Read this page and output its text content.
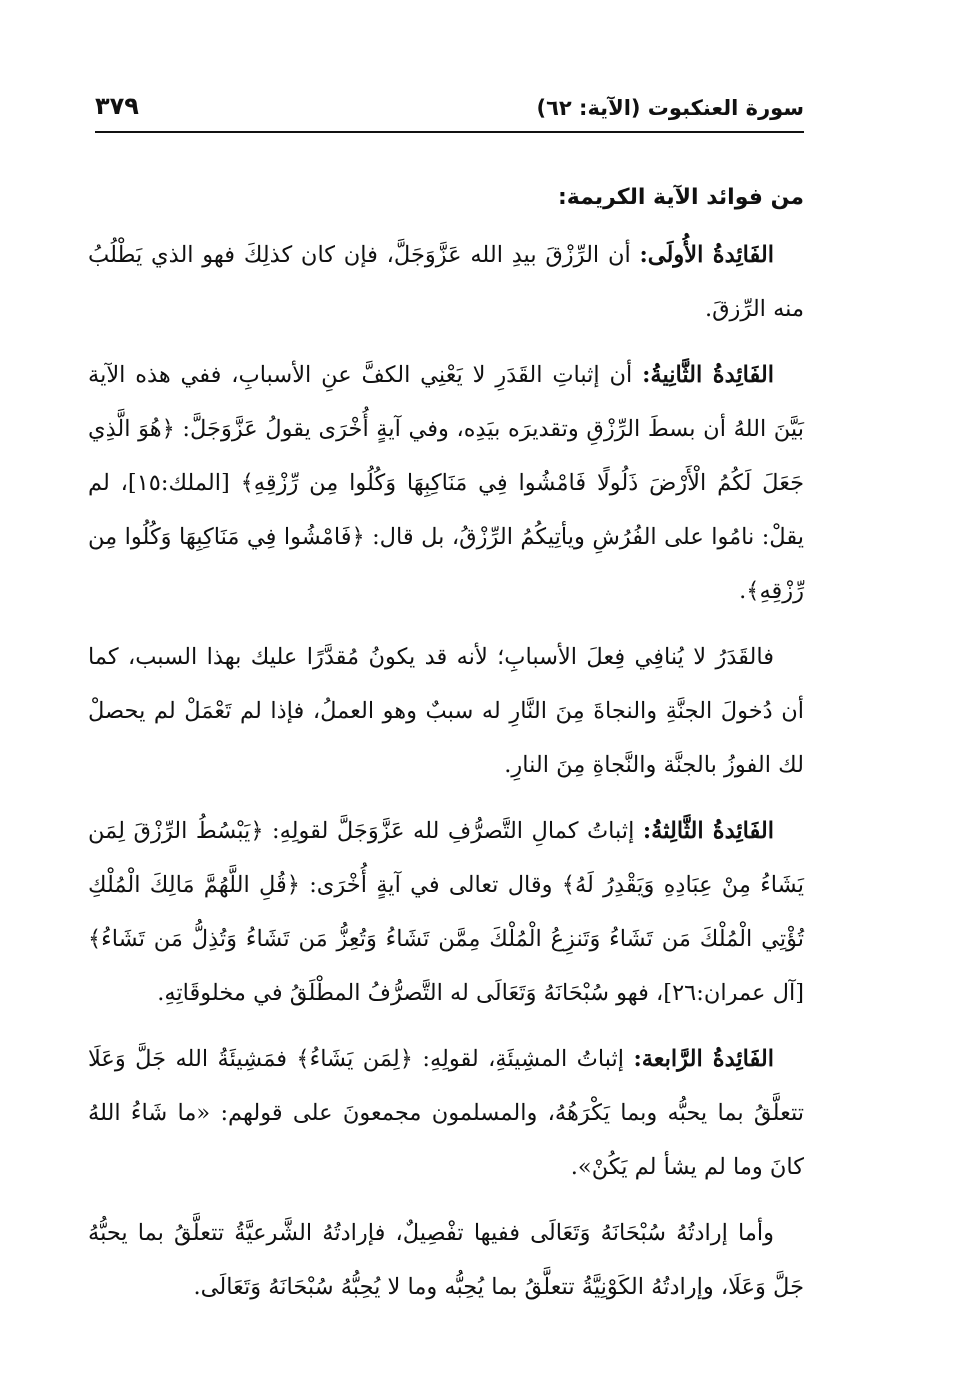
سورة العنكبوت (الآية: ٦٢)
٣٧٩
من فوائد الآية الكريمة:

الفَائِدةُ الأُولَى: أن الرِّزْقَ بيدِ الله عَزَّوَجَلَّ، فإن كان كذلِكَ فهو الذي يَطْلُبُ منه الرِّزقَ.

الفَائِدةُ الثَّانِيةُ: أن إثباتِ القَدَرِ لا يَعْنِي الكفَّ عنِ الأسبابِ، ففي هذه الآية بَيَّنَ اللهُ أن بسطَ الرِّزْقِ وتقديرَه بيَدِه، وفي آيةٍ أُخْرَى يقولُ عَزَّوَجَلَّ: ﴿هُوَ الَّذِي جَعَلَ لَكُمُ الْأَرْضَ ذَلُولًا فَامْشُوا فِي مَنَاكِبِهَا وَكُلُوا مِن رِّزْقِهِ﴾ [الملك:١٥]، لم يقلْ: نامُوا على الفُرُشِ ويأتِيكُمُ الرِّزْقُ، بل قال: ﴿فَامْشُوا فِي مَنَاكِبِهَا وَكُلُوا مِن رِّزْقِهِ﴾.

فالقَدَرُ لا يُنافِي فِعلَ الأسبابِ؛ لأنه قد يكونُ مُقدَّرًا عليك بهذا السبب، كما أن دُخولَ الجنَّةِ والنجاةَ مِنَ النَّارِ له سببٌ وهو العملُ، فإذا لم تَعْمَلْ لم يحصلْ لك الفوزُ بالجنَّة والنَّجاةِ مِنَ النارِ.

الفَائِدةُ الثَّالِثةُ: إثباتُ كمالِ التَّصرُّفِ لله عَزَّوَجَلَّ لقولِهِ: ﴿يَبْسُطُ الرِّزْقَ لِمَن يَشَاءُ مِنْ عِبَادِهِ وَيَقْدِرُ لَهُ﴾ وقال تعالى في آيةٍ أُخْرَى: ﴿قُلِ اللَّهُمَّ مَالِكَ الْمُلْكِ تُؤْتِي الْمُلْكَ مَن تَشَاءُ وَتَنزِعُ الْمُلْكَ مِمَّن تَشَاءُ وَتُعِزُّ مَن تَشَاءُ وَتُذِلُّ مَن تَشَاءُ﴾ [آل عمران:٢٦]، فهو سُبْحَانَهُ وَتَعَالَى له التَّصرُّفُ المطْلَقُ في مخلوقَاتِهِ.

الفَائِدةُ الرَّابعة: إثباتُ المشِيئَةِ، لقولِهِ: ﴿لِمَن يَشَاءُ﴾ فمَشِيئَةُ الله جَلَّ وَعَلَا تتعلَّقُ بما يحبُّه وبما يَكْرَهُهُ، والمسلمون مجمعونَ على قولهم: «ما شَاءُ اللهُ كانَ وما لم يشأ لم يَكُنْ».

وأما إرادتُهُ سُبْحَانَهُ وَتَعَالَى ففيها تفْصِيلٌ، فإرادتُهُ الشَّرعيَّةُ تتعلَّقُ بما يحبُّهُ جَلَّ وَعَلَا، وإرادتُهُ الكَوْنِيَّةُ تتعلَّقُ بما يُحِبُّه وما لا يُحِبُّهُ سُبْحَانَهُ وَتَعَالَى.
